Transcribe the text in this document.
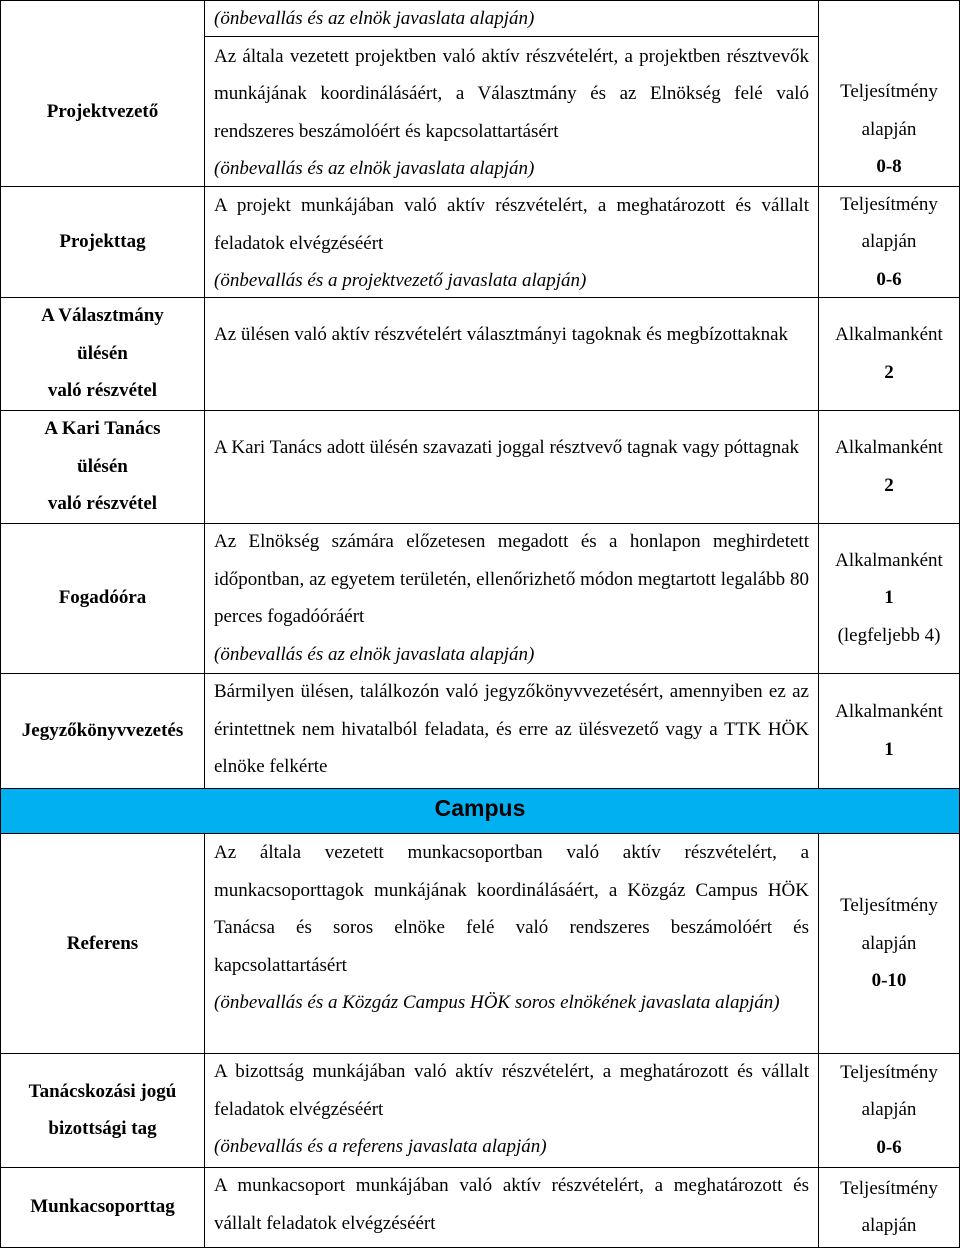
Projektvezető
(önbevallás és az elnök javaslata alapján)
Az általa vezetett projektben való aktív részvételért, a projektben résztvevők munkájának koordinálásáért, a Választmány és az Elnökség felé való rendszeres beszámolóért és kapcsolattartásért
(önbevallás és az elnök javaslata alapján)
Teljesítmény
alapján
0-8
Projekttag
A projekt munkájában való aktív részvételért, a meghatározott és vállalt feladatok elvégzéséért
(önbevallás és a projektvezető javaslata alapján)
Teljesítmény
alapján
0-6
A Választmány
ülésén
való részvétel
Az ülésen való aktív részvételért választmányi tagoknak és megbízottaknak	Alkalmanként
2
A Kari Tanács
ülésén
való részvétel
A Kari Tanács adott ülésén szavazati joggal résztvevő tagnak vagy póttagnak	Alkalmanként
2
Fogadóóra
Az Elnökség számára előzetesen megadott és a honlapon meghirdetett időpontban, az egyetem területén, ellenőrizhető módon megtartott legalább 80 perces fogadóóráért
(önbevallás és az elnök javaslata alapján)
Alkalmanként
1
(legfeljebb 4)
Jegyzőkönyvvezetés
Bármilyen ülésen, találkozón való jegyzőkönyvvezetésért, amennyiben ez az érintettnek nem hivatalból feladata, és erre az ülésvezető vagy a TTK HÖK elnöke felkérte
Alkalmanként
1
Campus
Referens
Az általa vezetett munkacsoportban való aktív részvételért, a munkacsoporttagok munkájának koordinálásáért, a Közgáz Campus HÖK Tanácsa és soros elnöke felé való rendszeres beszámolóért és kapcsolattartásért
(önbevallás és a Közgáz Campus HÖK soros elnökének javaslata alapján)
Teljesítmény
alapján
0-10
Tanácskozási jogú
bizottsági tag
A bizottság munkájában való aktív részvételért, a meghatározott és vállalt feladatok elvégzéséért
(önbevallás és a referens javaslata alapján)
Teljesítmény
alapján
0-6
Munkacsoporttag
A munkacsoport munkájában való aktív részvételért, a meghatározott és vállalt feladatok elvégzéséért
Teljesítmény
alapján
